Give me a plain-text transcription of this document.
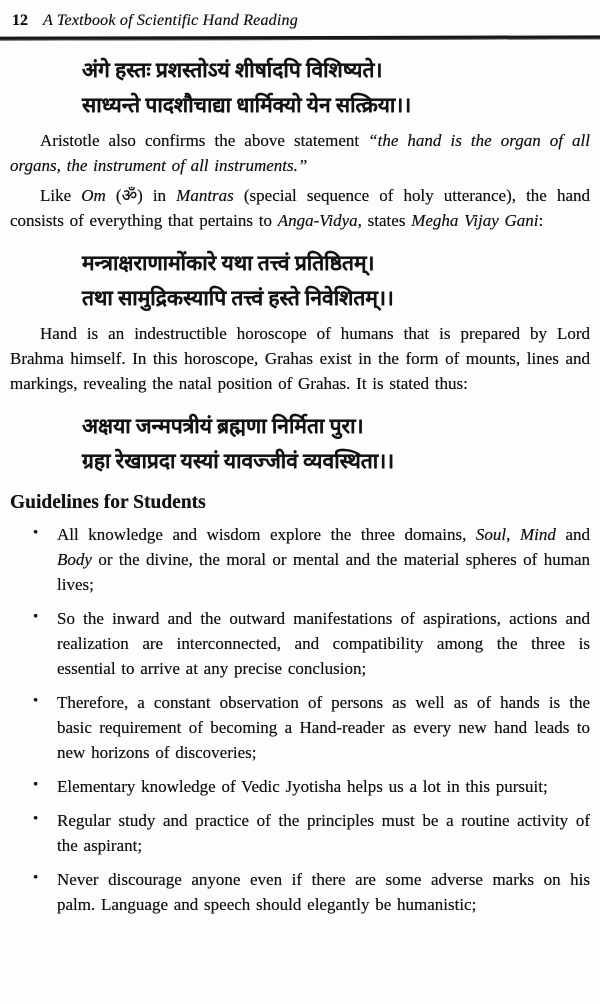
12 A Textbook of Scientific Hand Reading
अंगे हस्तः प्रशस्तोऽयं शीर्षादपि विशिष्यते।
साध्यन्ते पादशौचाद्या धार्मिक्यो येन सत्क्रिया।।

Aristotle also confirms the above statement “the hand is the organ of all organs, the instrument of all instruments.”

Like Om (ॐ) in Mantras (special sequence of holy utterance), the hand consists of everything that pertains to Anga-Vidya, states Megha Vijay Gani:

मन्त्राक्षराणामोंकारे यथा तत्त्वं प्रतिष्ठितम्।
तथा सामुद्रिकस्यापि तत्त्वं हस्ते निवेशितम्।।

Hand is an indestructible horoscope of humans that is prepared by Lord Brahma himself. In this horoscope, Grahas exist in the form of mounts, lines and markings, revealing the natal position of Grahas. It is stated thus:

अक्षया जन्मपत्रीयं ब्रह्मणा निर्मिता पुरा।
ग्रहा रेखाप्रदा यस्यां यावज्जीवं व्यवस्थिता।।
Guidelines for Students
• All knowledge and wisdom explore the three domains, Soul, Mind and Body or the divine, the moral or mental and the material spheres of human lives;
• So the inward and the outward manifestations of aspirations, actions and realization are interconnected, and compatibility among the three is essential to arrive at any precise conclusion;
• Therefore, a constant observation of persons as well as of hands is the basic requirement of becoming a Hand-reader as every new hand leads to new horizons of discoveries;
• Elementary knowledge of Vedic Jyotisha helps us a lot in this pursuit;
• Regular study and practice of the principles must be a routine activity of the aspirant;
• Never discourage anyone even if there are some adverse marks on his palm. Language and speech should elegantly be humanistic;
